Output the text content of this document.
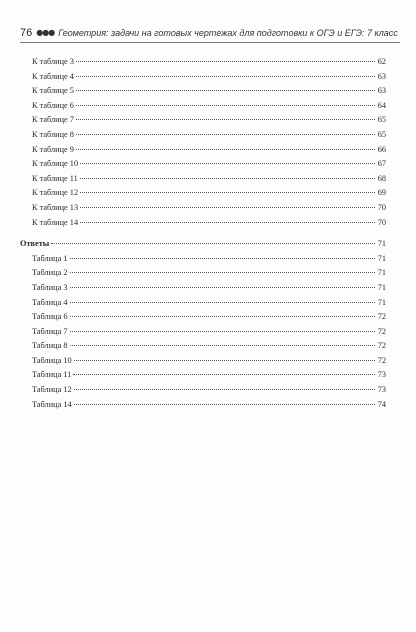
76 ●●● Геометрия: задачи на готовых чертежах для подготовки к ОГЭ и ЕГЭ: 7 класс
К таблице 3	62
К таблице 4	63
К таблице 5	63
К таблице 6	64
К таблице 7	65
К таблице 8	65
К таблице 9	66
К таблице 10	67
К таблице 11	68
К таблице 12	69
К таблице 13	70
К таблице 14	70
Ответы	71
Таблица 1	71
Таблица 2	71
Таблица 3	71
Таблица 4	71
Таблица 6	72
Таблица 7	72
Таблица 8	72
Таблица 10	72
Таблица 11	73
Таблица 12	73
Таблица 14	74
